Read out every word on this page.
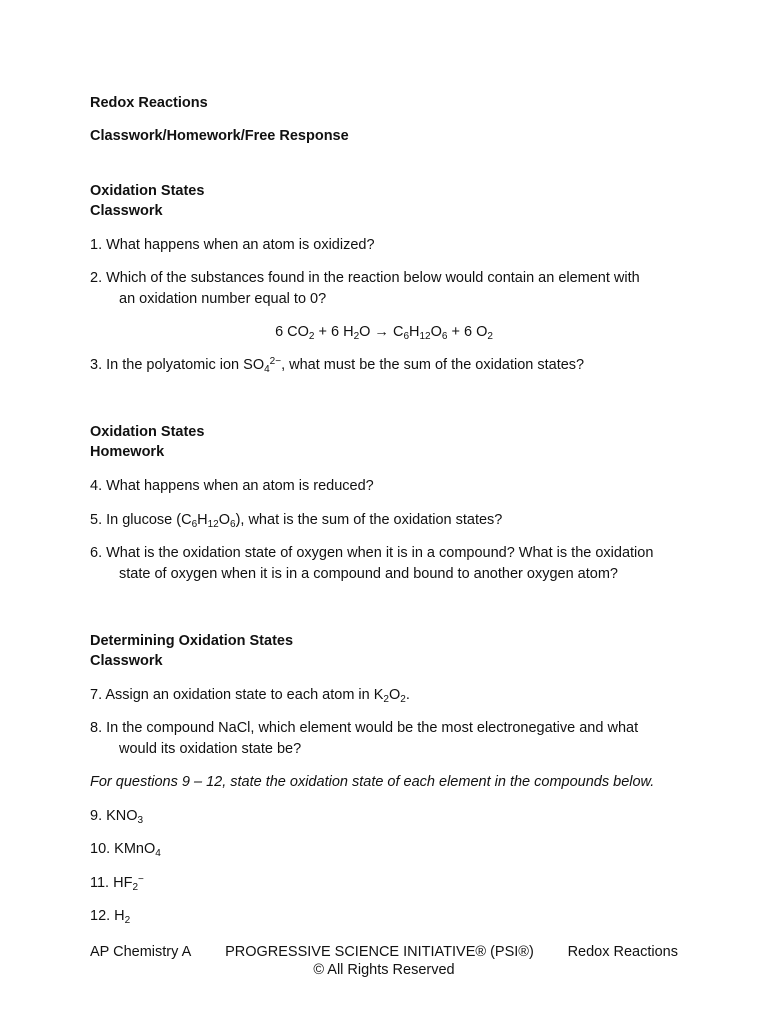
Redox Reactions
Classwork/Homework/Free Response
Oxidation States
Classwork
1. What happens when an atom is oxidized?
2. Which of the substances found in the reaction below would contain an element with
an oxidation number equal to 0?
6 $CO_2 + 6$ $H_2O \to C_6H_{12}O_6 + 6$ $O_2$
3. In the polyatomic ion $SO_4^{2-}$, what must be the sum of the oxidation states?
Oxidation States
Homework
4. What happens when an atom is reduced?
5. In glucose $(C_6H_{12}O_6)$, what is the sum of the oxidation states?
6. What is the oxidation state of oxygen when it is in a compound? What is the oxidation
state of oxygen when it is in a compound and bound to another oxygen atom?
Determining Oxidation States
Classwork
7. Assign an oxidation state to each atom in $K_2O_2$.
8. In the compound NaCl, which element would be the most electronegative and what
would its oxidation state be?
For questions 9 – 12, state the oxidation state of each element in the compounds below.
9. $KNO_3$
10. KMnO$_4$
11. $HF_2^-$
12. $H_2$
AP Chemistry A PROGRESSIVE SCIENCE INITIATIVE® (PSI®) Redox Reactions
© All Rights Reserved
